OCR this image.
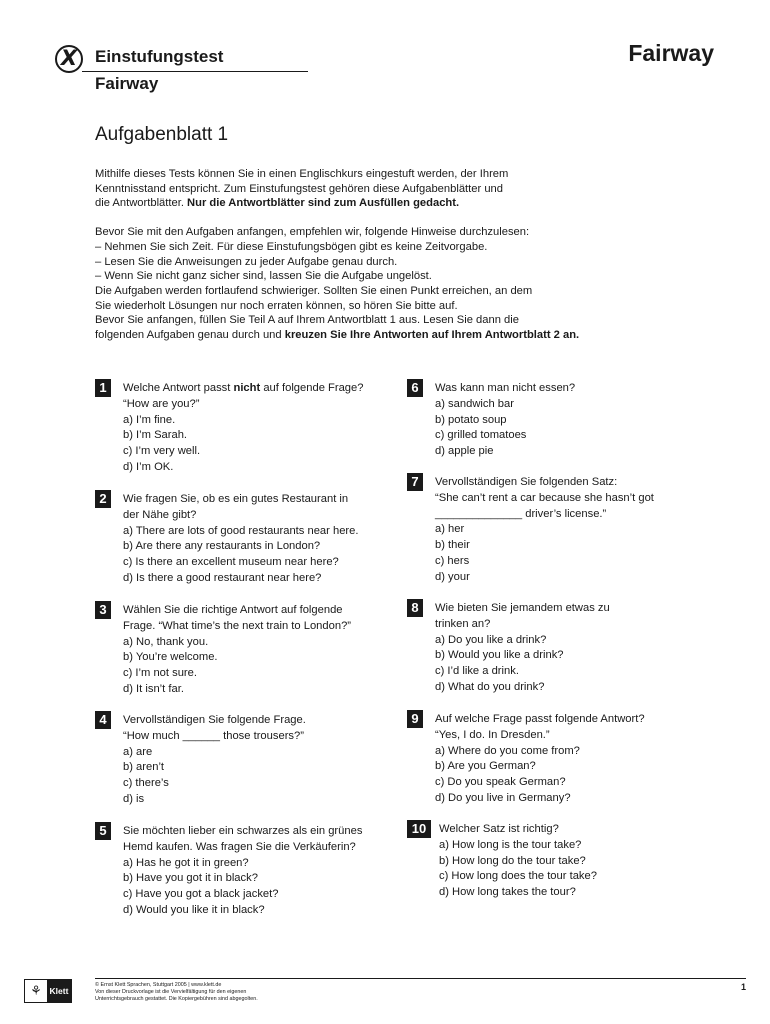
X	Einstufungstest
Fairway
Fairway
Aufgabenblatt 1

Mithilfe dieses Tests können Sie in einen Englischkurs eingestuft werden, der Ihrem

Kenntnisstand entspricht. Zum Einstufungstest gehören diese Aufgabenblätter und

die Antwortblätter. Nur die Antwortblätter sind zum Ausfüllen gedacht.

Bevor Sie mit den Aufgaben anfangen, empfehlen wir, folgende Hinweise durchzulesen:

– Nehmen Sie sich Zeit. Für diese Einstufungsbögen gibt es keine Zeitvorgabe.

– Lesen Sie die Anweisungen zu jeder Aufgabe genau durch.

– Wenn Sie nicht ganz sicher sind, lassen Sie die Aufgabe ungelöst.

Die Aufgaben werden fortlaufend schwieriger. Sollten Sie einen Punkt erreichen, an dem

Sie wiederholt Lösungen nur noch erraten können, so hören Sie bitte auf.

Bevor Sie anfangen, füllen Sie Teil A auf Ihrem Antwortblatt 1 aus. Lesen Sie dann die

folgenden Aufgaben genau durch und kreuzen Sie Ihre Antworten auf Ihrem Antwortblatt 2 an.

1	Welche Antwort passt nicht auf folgende Frage?
“How are you?”
a) I’m fine.
b) I’m Sarah.
c) I’m very well.
d) I’m OK.
2	Wie fragen Sie, ob es ein gutes Restaurant in
der Nähe gibt?
a) There are lots of good restaurants near here.
b) Are there any restaurants in London?
c) Is there an excellent museum near here?
d) Is there a good restaurant near here?
3	Wählen Sie die richtige Antwort auf folgende
Frage. “What time’s the next train to London?”
a) No, thank you.
b) You’re welcome.
c) I’m not sure.
d) It isn’t far.
4	Vervollständigen Sie folgende Frage.
“How much ______ those trousers?”
a) are
b) aren’t
c) there’s
d) is
5	Sie möchten lieber ein schwarzes als ein grünes
Hemd kaufen. Was fragen Sie die Verkäuferin?
a) Has he got it in green?
b) Have you got it in black?
c) Have you got a black jacket?
d) Would you like it in black?
6	Was kann man nicht essen?
a) sandwich bar
b) potato soup
c) grilled tomatoes
d) apple pie
7	Vervollständigen Sie folgenden Satz:
“She can’t rent a car because she hasn’t got
______________ driver’s license.”
a) her
b) their
c) hers
d) your
8	Wie bieten Sie jemandem etwas zu
trinken an?
a) Do you like a drink?
b) Would you like a drink?
c) I’d like a drink.
d) What do you drink?
9	Auf welche Frage passt folgende Antwort?
“Yes, I do. In Dresden.”
a) Where do you come from?
b) Are you German?
c) Do you speak German?
d) Do you live in Germany?
10	Welcher Satz ist richtig?
a) How long is the tour take?
b) How long do the tour take?
c) How long does the tour take?
d) How long takes the tour?
⚘ Klett
© Ernst Klett Sprachen, Stuttgart 2005 | www.klett.de
Von dieser Druckvorlage ist die Vervielfältigung für den eigenen
Unterrichtsgebrauch gestattet. Die Kopiergebühren sind abgegolten.
1
